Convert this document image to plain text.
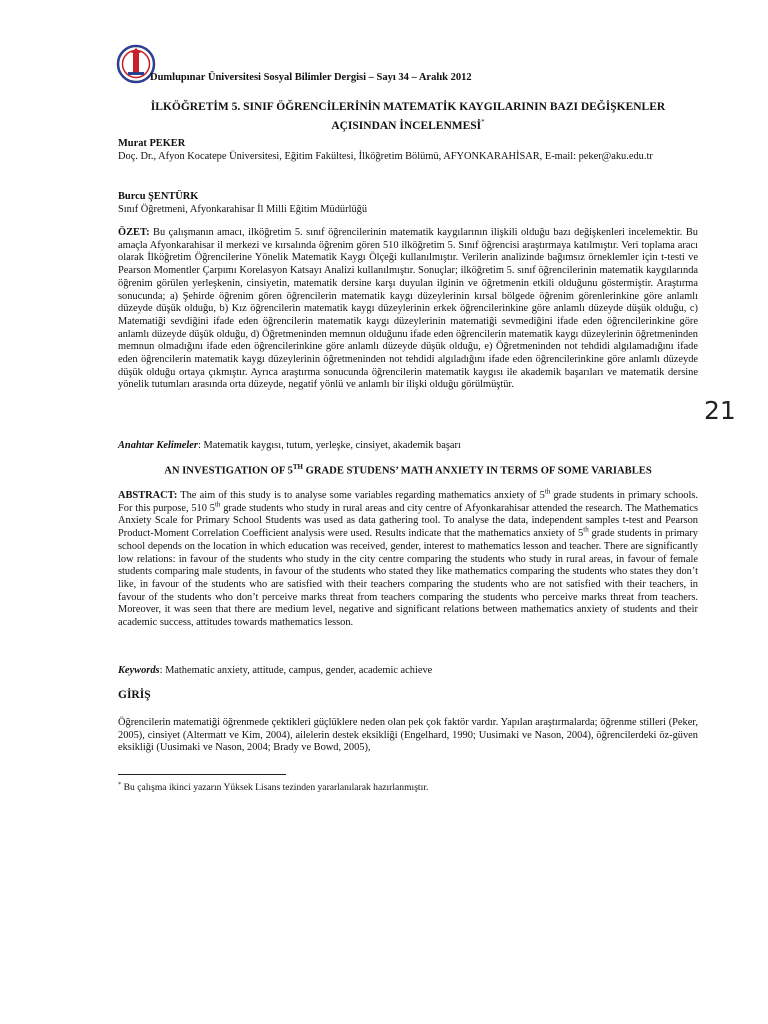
Dumlupınar Üniversitesi Sosyal Bilimler Dergisi – Sayı 34 – Aralık 2012
İLKÖĞRETİM 5. SINIF ÖĞRENCİLERİNİN MATEMATİK KAYGILARININ BAZI DEĞİŞKENLER
AÇISINDAN İNCELENMESİ*
Murat PEKER
Doç. Dr., Afyon Kocatepe Üniversitesi, Eğitim Fakültesi, İlköğretim Bölümü, AFYONKARAHİSAR, E-mail: peker@aku.edu.tr
Burcu ŞENTÜRK
Sınıf Öğretmeni, Afyonkarahisar İl Milli Eğitim Müdürlüğü
ÖZET: Bu çalışmanın amacı, ilköğretim 5. sınıf öğrencilerinin matematik kaygılarının ilişkili olduğu bazı değişkenleri incelemektir. Bu amaçla Afyonkarahisar il merkezi ve kırsalında öğrenim gören 510 ilköğretim 5. Sınıf öğrencisi araştırmaya katılmıştır. Veri toplama aracı olarak İlköğretim Öğrencilerine Yönelik Matematik Kaygı Ölçeği kullanılmıştır. Verilerin analizinde bağımsız örneklemler için t-testi ve Pearson Momentler Çarpımı Korelasyon Katsayı Analizi kullanılmıştır. Sonuçlar; ilköğretim 5. sınıf öğrencilerinin matematik kaygılarında öğrenim görülen yerleşkenin, cinsiyetin, matematik dersine karşı duyulan ilginin ve öğretmenin etkili olduğunu göstermiştir. Araştırma sonucunda; a) Şehirde öğrenim gören öğrencilerin matematik kaygı düzeylerinin kırsal bölgede öğrenim görenlerinkine göre anlamlı düzeyde düşük olduğu, b) Kız öğrencilerin matematik kaygı düzeylerinin erkek öğrencilerinkine göre anlamlı düzeyde düşük olduğu, c) Matematiği sevdiğini ifade eden öğrencilerin matematik kaygı düzeylerinin matematiği sevmediğini ifade eden öğrencilerinkine göre anlamlı düzeyde düşük olduğu, d) Öğretmeninden memnun olduğunu ifade eden öğrencilerin matematik kaygı düzeylerinin öğretmeninden memnun olmadığını ifade eden öğrencilerinkine göre anlamlı düzeyde düşük olduğu, e) Öğretmeninden not tehdidi algılamadığını ifade eden öğrencilerin matematik kaygı düzeylerinin öğretmeninden not tehdidi algıladığını ifade eden öğrencilerinkine göre anlamlı düzeyde düşük olduğu ortaya çıkmıştır. Ayrıca araştırma sonucunda öğrencilerin matematik kaygısı ile akademik başarıları ve matematik dersine yönelik tutumları arasında orta düzeyde, negatif yönlü ve anlamlı bir ilişki olduğu görülmüştür.
Anahtar Kelimeler: Matematik kaygısı, tutum, yerleşke, cinsiyet, akademik başarı
AN INVESTIGATION OF 5TH GRADE STUDENS’ MATH ANXIETY IN TERMS OF SOME VARIABLES
ABSTRACT: The aim of this study is to analyse some variables regarding mathematics anxiety of 5th grade students in primary schools. For this purpose, 510 5th grade students who study in rural areas and city centre of Afyonkarahisar attended the research. The Mathematics Anxiety Scale for Primary School Students was used as data gathering tool. To analyse the data, independent samples t-test and Pearson Product-Moment Correlation Coefficient analysis were used. Results indicate that the mathematics anxiety of 5th grade students in primary school depends on the location in which education was received, gender, interest to mathematics lesson and teacher. There are significantly low relations: in favour of the students who study in the city centre comparing the students who study in rural areas, in favour of female students comparing male students, in favour of the students who stated they like mathematics comparing the students who states they don’t like, in favour of the students who are satisfied with their teachers comparing the students who are not satisfied with their teachers, in favour of the students who don’t perceive marks threat from teachers comparing the students who perceive marks threat from teachers. Moreover, it was seen that there are medium level, negative and significant relations between mathematics anxiety of students and their academic success, attitudes towards mathematics lesson.
Keywords: Mathematic anxiety, attitude, campus, gender, academic achieve
GİRİŞ
Öğrencilerin matematiği öğrenmede çektikleri güçlüklere neden olan pek çok faktör vardır. Yapılan araştırmalarda; öğrenme stilleri (Peker, 2005), cinsiyet (Altermatt ve Kim, 2004), ailelerin destek eksikliği (Engelhard, 1990; Uusimaki ve Nason, 2004), öğrencilerdeki öz-güven eksikliği (Uusimaki ve Nason, 2004; Brady ve Bowd, 2005),
* Bu çalışma ikinci yazarın Yüksek Lisans tezinden yararlanılarak hazırlanmıştır.
21
